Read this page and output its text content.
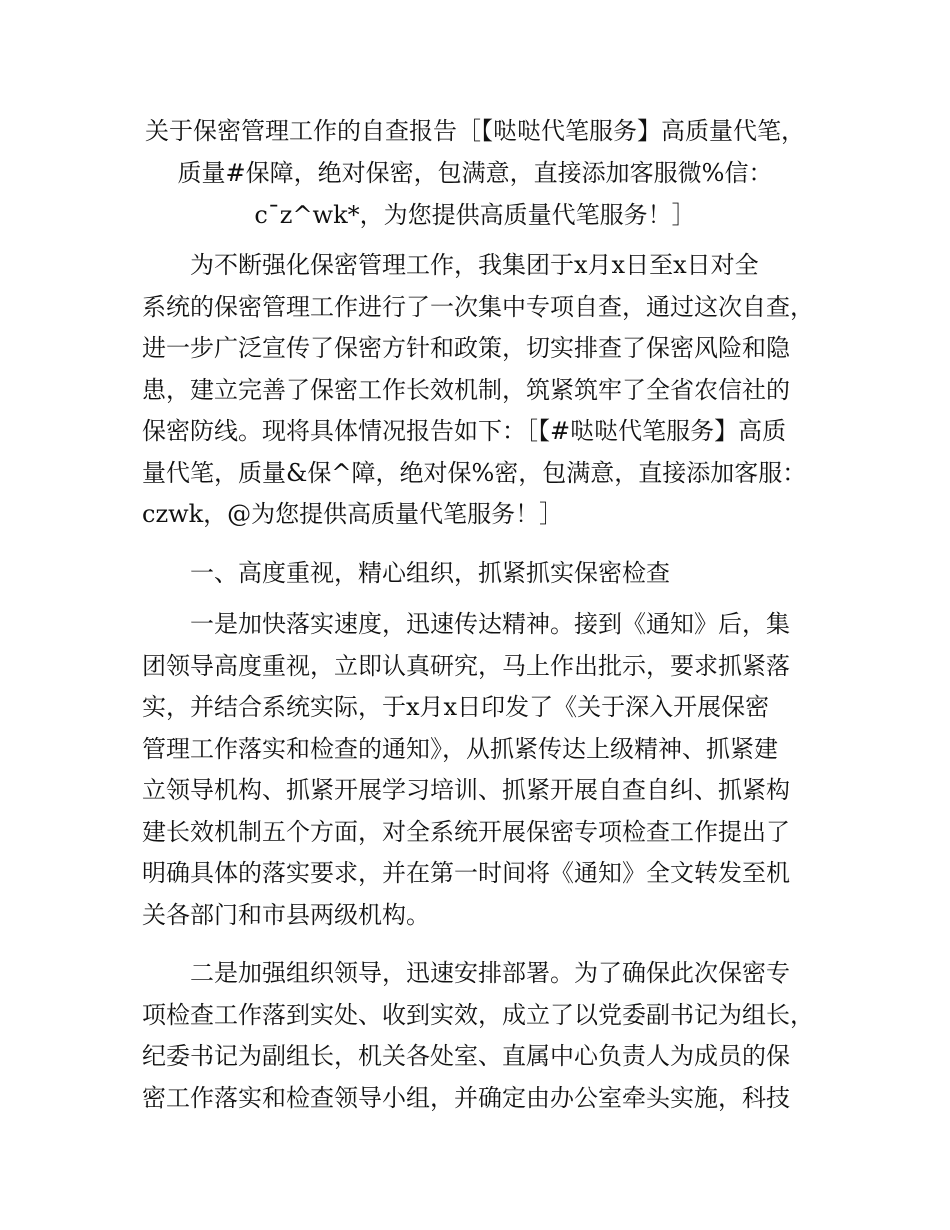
关于保密管理工作的自查报告［【哒哒代笔服务】高质量代笔，
质量#保障，绝对保密，包满意，直接添加客服微%信：
c¯z^wk*，为您提供高质量代笔服务！］
为不断强化保密管理工作，我集团于x月x日至x日对全
系统的保密管理工作进行了一次集中专项自查，通过这次自查，
进一步广泛宣传了保密方针和政策，切实排查了保密风险和隐
患，建立完善了保密工作长效机制，筑紧筑牢了全省农信社的
保密防线。现将具体情况报告如下：［【#哒哒代笔服务】高质
量代笔，质量&保^障，绝对保%密，包满意，直接添加客服：
czwk，@为您提供高质量代笔服务！］
一、高度重视，精心组织，抓紧抓实保密检查
一是加快落实速度，迅速传达精神。接到《通知》后，集
团领导高度重视，立即认真研究，马上作出批示，要求抓紧落
实，并结合系统实际，于x月x日印发了《关于深入开展保密
管理工作落实和检查的通知》，从抓紧传达上级精神、抓紧建
立领导机构、抓紧开展学习培训、抓紧开展自查自纠、抓紧构
建长效机制五个方面，对全系统开展保密专项检查工作提出了
明确具体的落实要求，并在第一时间将《通知》全文转发至机
关各部门和市县两级机构。
二是加强组织领导，迅速安排部署。为了确保此次保密专
项检查工作落到实处、收到实效，成立了以党委副书记为组长，
纪委书记为副组长，机关各处室、直属中心负责人为成员的保
密工作落实和检查领导小组，并确定由办公室牵头实施，科技
